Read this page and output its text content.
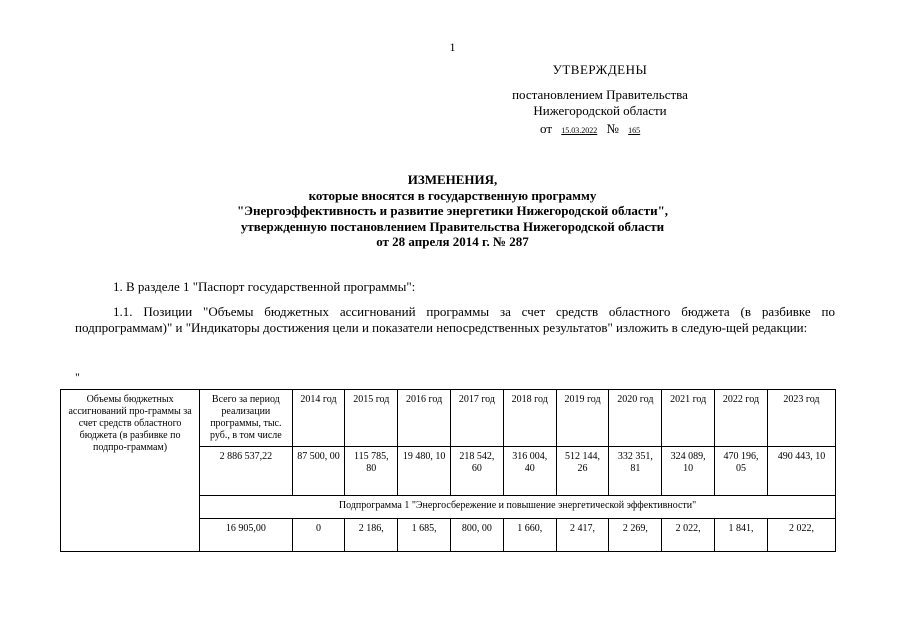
1
УТВЕРЖДЕНЫ
постановлением Правительства
Нижегородской области
от 15.03.2022 № 165
ИЗМЕНЕНИЯ,
которые вносятся в государственную программу
"Энергоэффективность и развитие энергетики Нижегородской области",
утвержденную постановлением Правительства Нижегородской области
от 28 апреля 2014 г. № 287
1. В разделе 1 "Паспорт государственной программы":
1.1. Позиции "Объемы бюджетных ассигнований программы за счет средств областного бюджета (в разбивке по подпрограммам)" и "Индикаторы достижения цели и показатели непосредственных результатов" изложить в следую-щей редакции:
"
Объемы бюджетных ассигнований про-граммы за счет средств областного бюджета (в разбивке по подпро-граммам)	Всего за период реализации программы, тыс. руб., в том числе	2014 год	2015 год	2016 год	2017 год	2018 год	2019 год	2020 год	2021 год	2022 год	2023 год
	2 886 537,22	87 500, 00	115 785, 80	19 480, 10	218 542, 60	316 004, 40	512 144, 26	332 351, 81	324 089, 10	470 196, 05	490 443, 10
	Подпрограмма 1 "Энергосбережение и повышение энергетической эффективности"										
	16 905,00	0	2 186,	1 685,	800, 00	1 660,	2 417,	2 269,	2 022,	1 841,	2 022,
